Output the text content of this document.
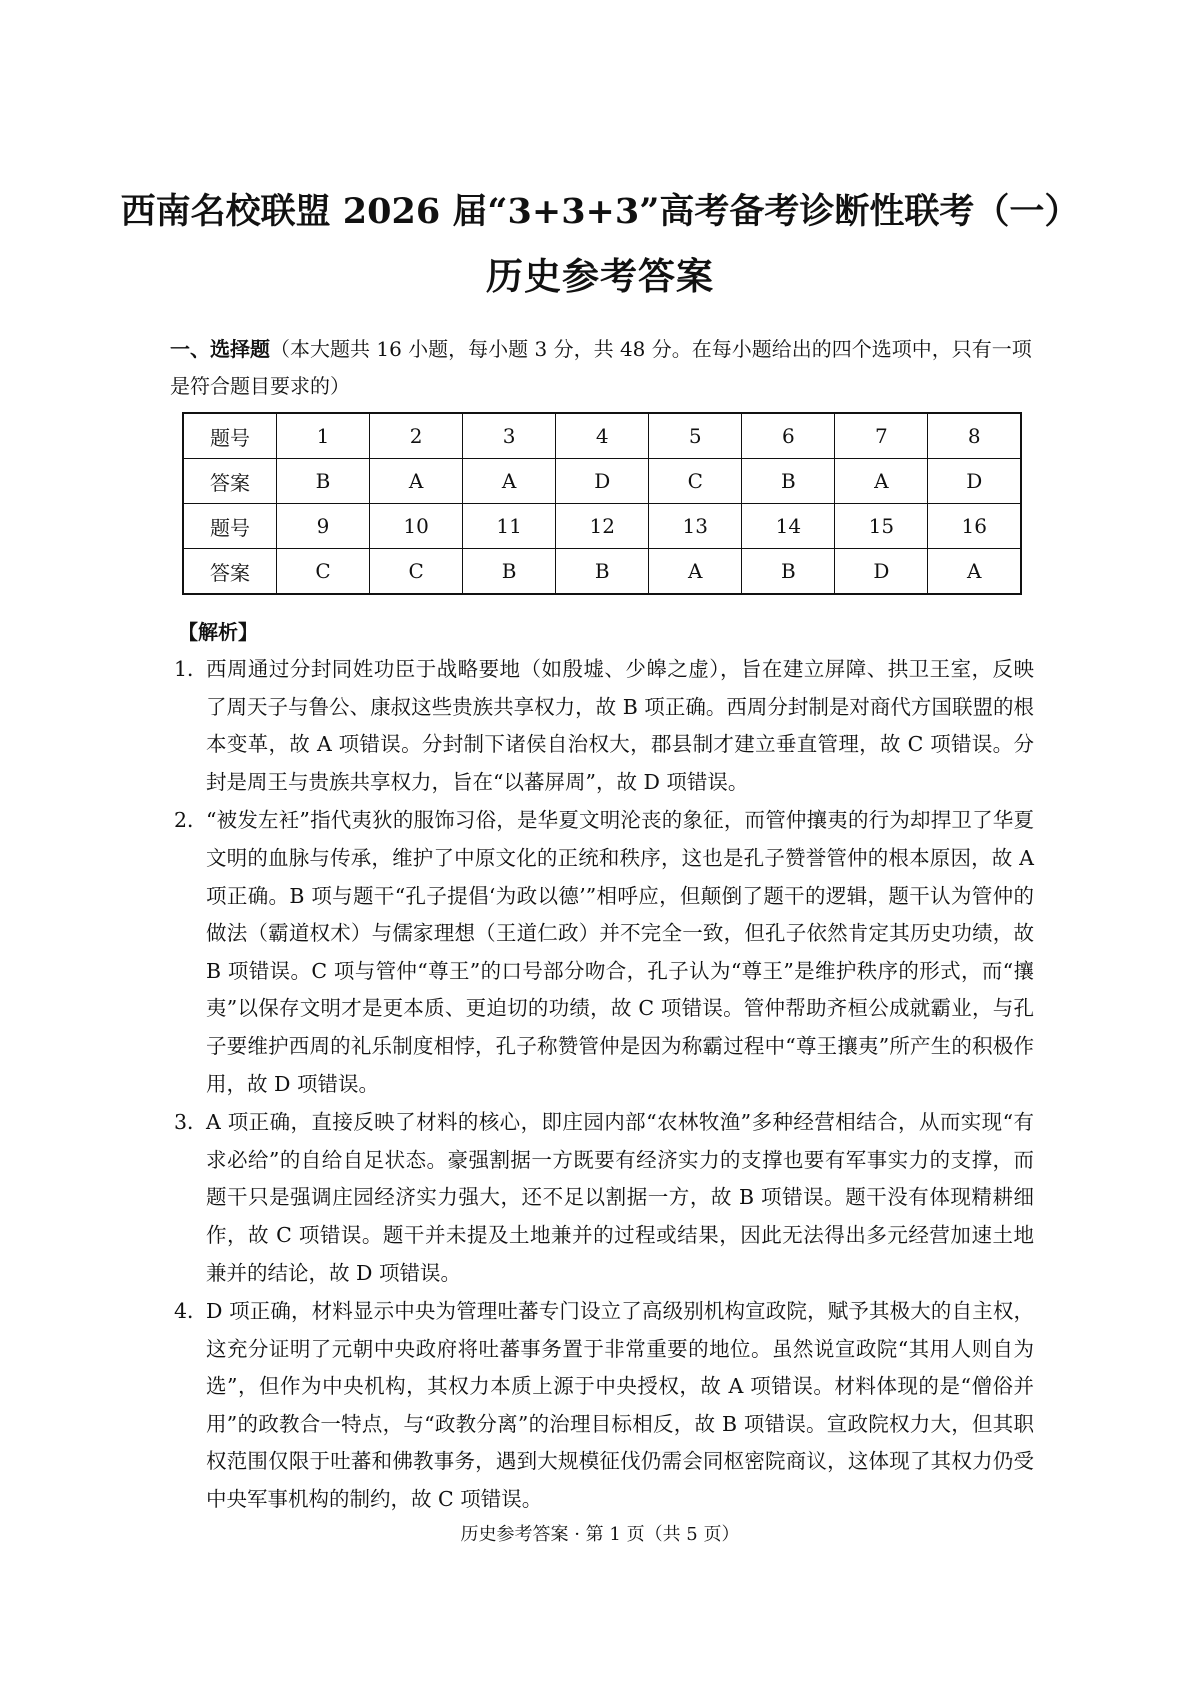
西南名校联盟 2026 届“3+3+3”高考备考诊断性联考（一）
历史参考答案

一、选择题（本大题共 16 小题，每小题 3 分，共 48 分。在每小题给出的四个选项中，只有一项是符合题目要求的）

题号	1	2	3	4	5	6	7	8
答案	B	A	A	D	C	B	A	D
题号	9	10	11	12	13	14	15	16
答案	C	C	B	B	A	B	D	A

【解析】

1．
西周通过分封同姓功臣于战略要地（如殷墟、少皞之虚），旨在建立屏障、拱卫王室，反映了周天子与鲁公、康叔这些贵族共享权力，故 B 项正确。西周分封制是对商代方国联盟的根本变革，故 A 项错误。分封制下诸侯自治权大，郡县制才建立垂直管理，故 C 项错误。分封是周王与贵族共享权力，旨在“以蕃屏周”，故 D 项错误。

2．
“被发左衽”指代夷狄的服饰习俗，是华夏文明沦丧的象征，而管仲攘夷的行为却捍卫了华夏文明的血脉与传承，维护了中原文化的正统和秩序，这也是孔子赞誉管仲的根本原因，故 A 项正确。B 项与题干“孔子提倡‘为政以德’”相呼应，但颠倒了题干的逻辑，题干认为管仲的做法（霸道权术）与儒家理想（王道仁政）并不完全一致，但孔子依然肯定其历史功绩，故 B 项错误。C 项与管仲“尊王”的口号部分吻合，孔子认为“尊王”是维护秩序的形式，而“攘夷”以保存文明才是更本质、更迫切的功绩，故 C 项错误。管仲帮助齐桓公成就霸业，与孔子要维护西周的礼乐制度相悖，孔子称赞管仲是因为称霸过程中“尊王攘夷”所产生的积极作用，故 D 项错误。

3．
A 项正确，直接反映了材料的核心，即庄园内部“农林牧渔”多种经营相结合，从而实现“有求必给”的自给自足状态。豪强割据一方既要有经济实力的支撑也要有军事实力的支撑，而题干只是强调庄园经济实力强大，还不足以割据一方，故 B 项错误。题干没有体现精耕细作，故 C 项错误。题干并未提及土地兼并的过程或结果，因此无法得出多元经营加速土地兼并的结论，故 D 项错误。

4．
D 项正确，材料显示中央为管理吐蕃专门设立了高级别机构宣政院，赋予其极大的自主权，这充分证明了元朝中央政府将吐蕃事务置于非常重要的地位。虽然说宣政院“其用人则自为选”，但作为中央机构，其权力本质上源于中央授权，故 A 项错误。材料体现的是“僧俗并用”的政教合一特点，与“政教分离”的治理目标相反，故 B 项错误。宣政院权力大，但其职权范围仅限于吐蕃和佛教事务，遇到大规模征伐仍需会同枢密院商议，这体现了其权力仍受中央军事机构的制约，故 C 项错误。

历史参考答案 · 第 1 页（共 5 页）
